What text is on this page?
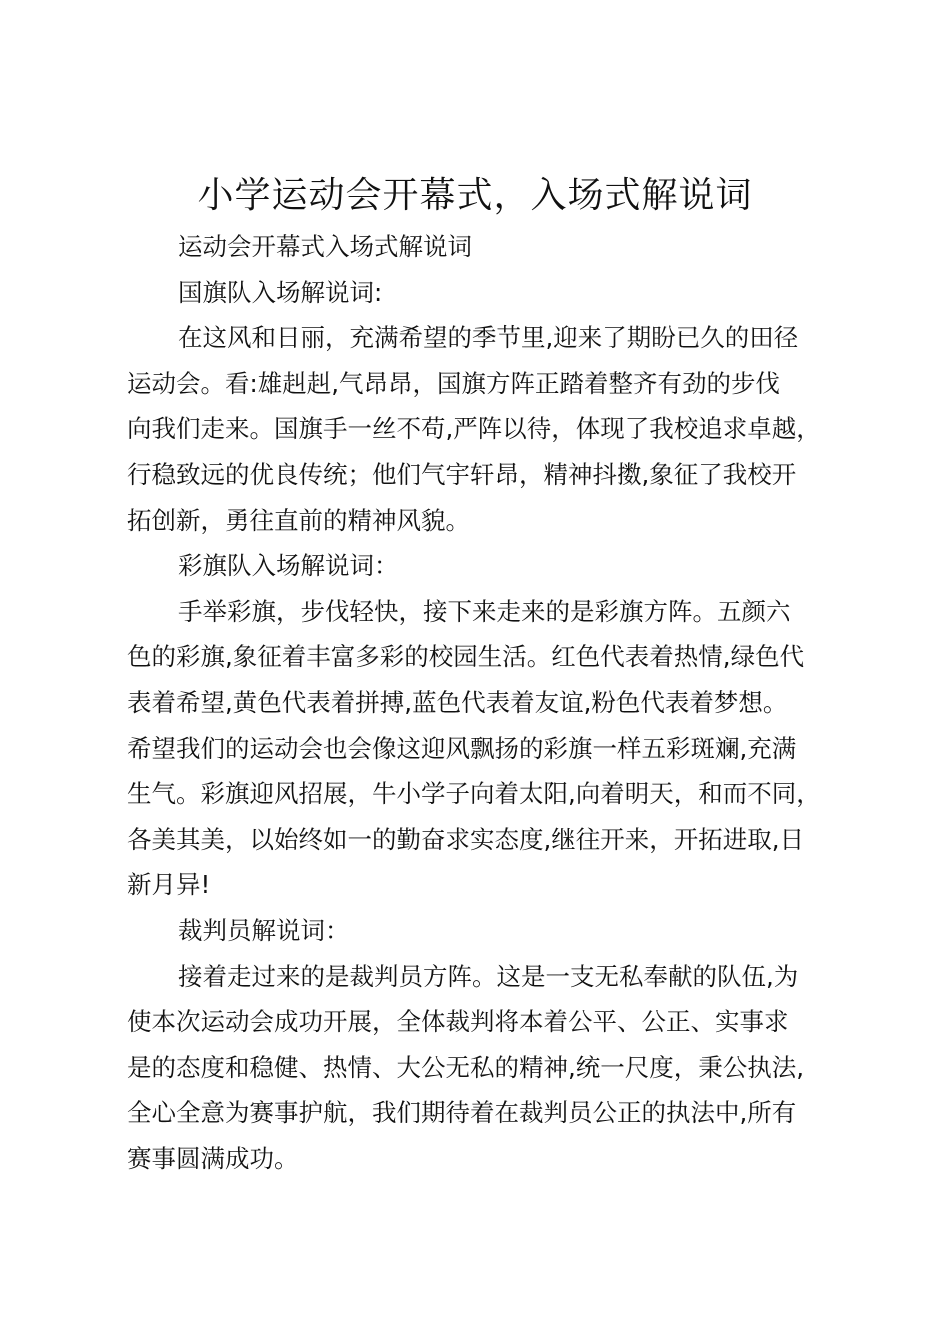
小学运动会开幕式，入场式解说词
运动会开幕式入场式解说词
国旗队入场解说词:
在这风和日丽，充满希望的季节里,迎来了期盼已久的田径
运动会。看:雄赳赳,气昂昂，国旗方阵正踏着整齐有劲的步伐
向我们走来。国旗手一丝不苟,严阵以待，体现了我校追求卓越，
行稳致远的优良传统；他们气宇轩昂，精神抖擞,象征了我校开
拓创新，勇往直前的精神风貌。
彩旗队入场解说词：
手举彩旗，步伐轻快，接下来走来的是彩旗方阵。五颜六
色的彩旗,象征着丰富多彩的校园生活。红色代表着热情,绿色代
表着希望,黄色代表着拼搏,蓝色代表着友谊,粉色代表着梦想。
希望我们的运动会也会像这迎风飘扬的彩旗一样五彩斑斓,充满
生气。彩旗迎风招展，牛小学子向着太阳,向着明天，和而不同，
各美其美，以始终如一的勤奋求实态度,继往开来，开拓进取,日
新月异!
裁判员解说词：
接着走过来的是裁判员方阵。这是一支无私奉献的队伍,为
使本次运动会成功开展，全体裁判将本着公平、公正、实事求
是的态度和稳健、热情、大公无私的精神,统一尺度，秉公执法,
全心全意为赛事护航，我们期待着在裁判员公正的执法中,所有
赛事圆满成功。
